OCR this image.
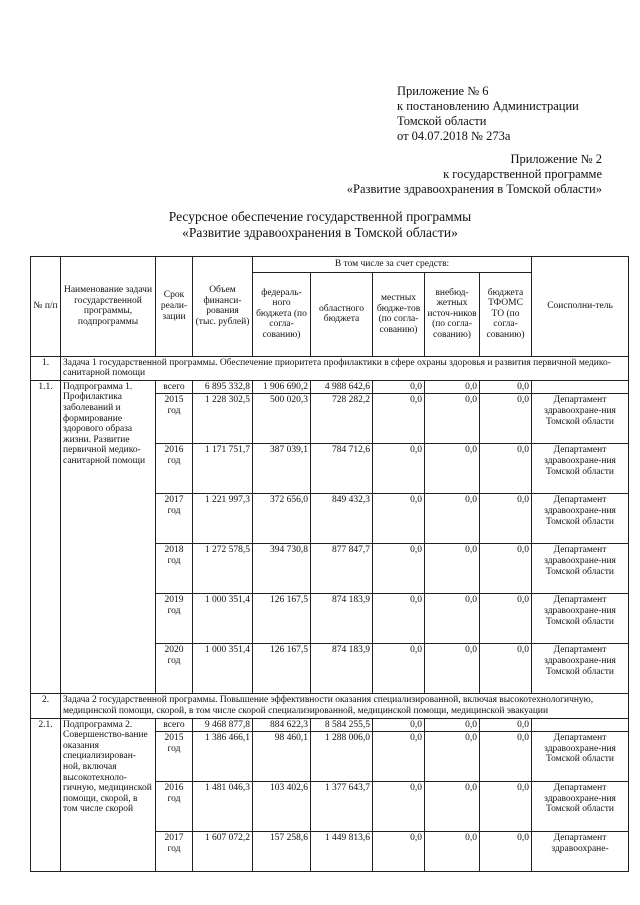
Приложение № 6
к постановлению Администрации
Томской области
от 04.07.2018 № 273а
Приложение № 2
к государственной программе
«Развитие здравоохранения в Томской области»
Ресурсное обеспечение государственной программы
«Развитие здравоохранения в Томской области»
№ п/п	Наименование задачи государственной программы, подпрограммы	Срок реали-зации	Объем финанси-рования (тыс. рублей)	В том числе за счет средств:					Соисполни-тель
				федераль-ного бюджета (по согла-сованию)	областного бюджета	местных бюдже-тов (по согла-сованию)	внебюд-жетных источ-ников (по согла-сованию)	бюджета ТФОМС ТО (по согла-сованию)	
1.	Задача 1 государственной программы. Обеспечение приоритета профилактики в сфере охраны здоровья и развития первичной медико-санитарной помощи								
1.1.	Подпрограмма 1. Профилактика заболеваний и формирование здорового образа жизни. Развитие первичной медико-санитарной помощи	всего	6 895 332,8	1 906 690,2	4 988 642,6	0,0	0,0	0,0	
		2015 год	1 228 302,5	500 020,3	728 282,2	0,0	0,0	0,0	Департамент здравоохране-ния Томской области
		2016 год	1 171 751,7	387 039,1	784 712,6	0,0	0,0	0,0	Департамент здравоохране-ния Томской области
		2017 год	1 221 997,3	372 656,0	849 432,3	0,0	0,0	0,0	Департамент здравоохране-ния Томской области
		2018 год	1 272 578,5	394 730,8	877 847,7	0,0	0,0	0,0	Департамент здравоохране-ния Томской области
		2019 год	1 000 351,4	126 167,5	874 183,9	0,0	0,0	0,0	Департамент здравоохране-ния Томской области
		2020 год	1 000 351,4	126 167,5	874 183,9	0,0	0,0	0,0	Департамент здравоохране-ния Томской области
2.	Задача 2 государственной программы. Повышение эффективности оказания специализированной, включая высокотехнологичную, медицинской помощи, скорой, в том числе скорой специализированной, медицинской помощи, медицинской эвакуации								
2.1.	Подпрограмма 2. Совершенство-вание оказания специализирован-ной, включая высокотехноло-гичную, медицинской помощи, скорой, в том числе скорой	всего	9 468 877,8	884 622,3	8 584 255,5	0,0	0,0	0,0	
		2015 год	1 386 466,1	98 460,1	1 288 006,0	0,0	0,0	0,0	Департамент здравоохране-ния Томской области
		2016 год	1 481 046,3	103 402,6	1 377 643,7	0,0	0,0	0,0	Департамент здравоохране-ния Томской области
		2017 год	1 607 072,2	157 258,6	1 449 813,6	0,0	0,0	0,0	Департамент здравоохране-
